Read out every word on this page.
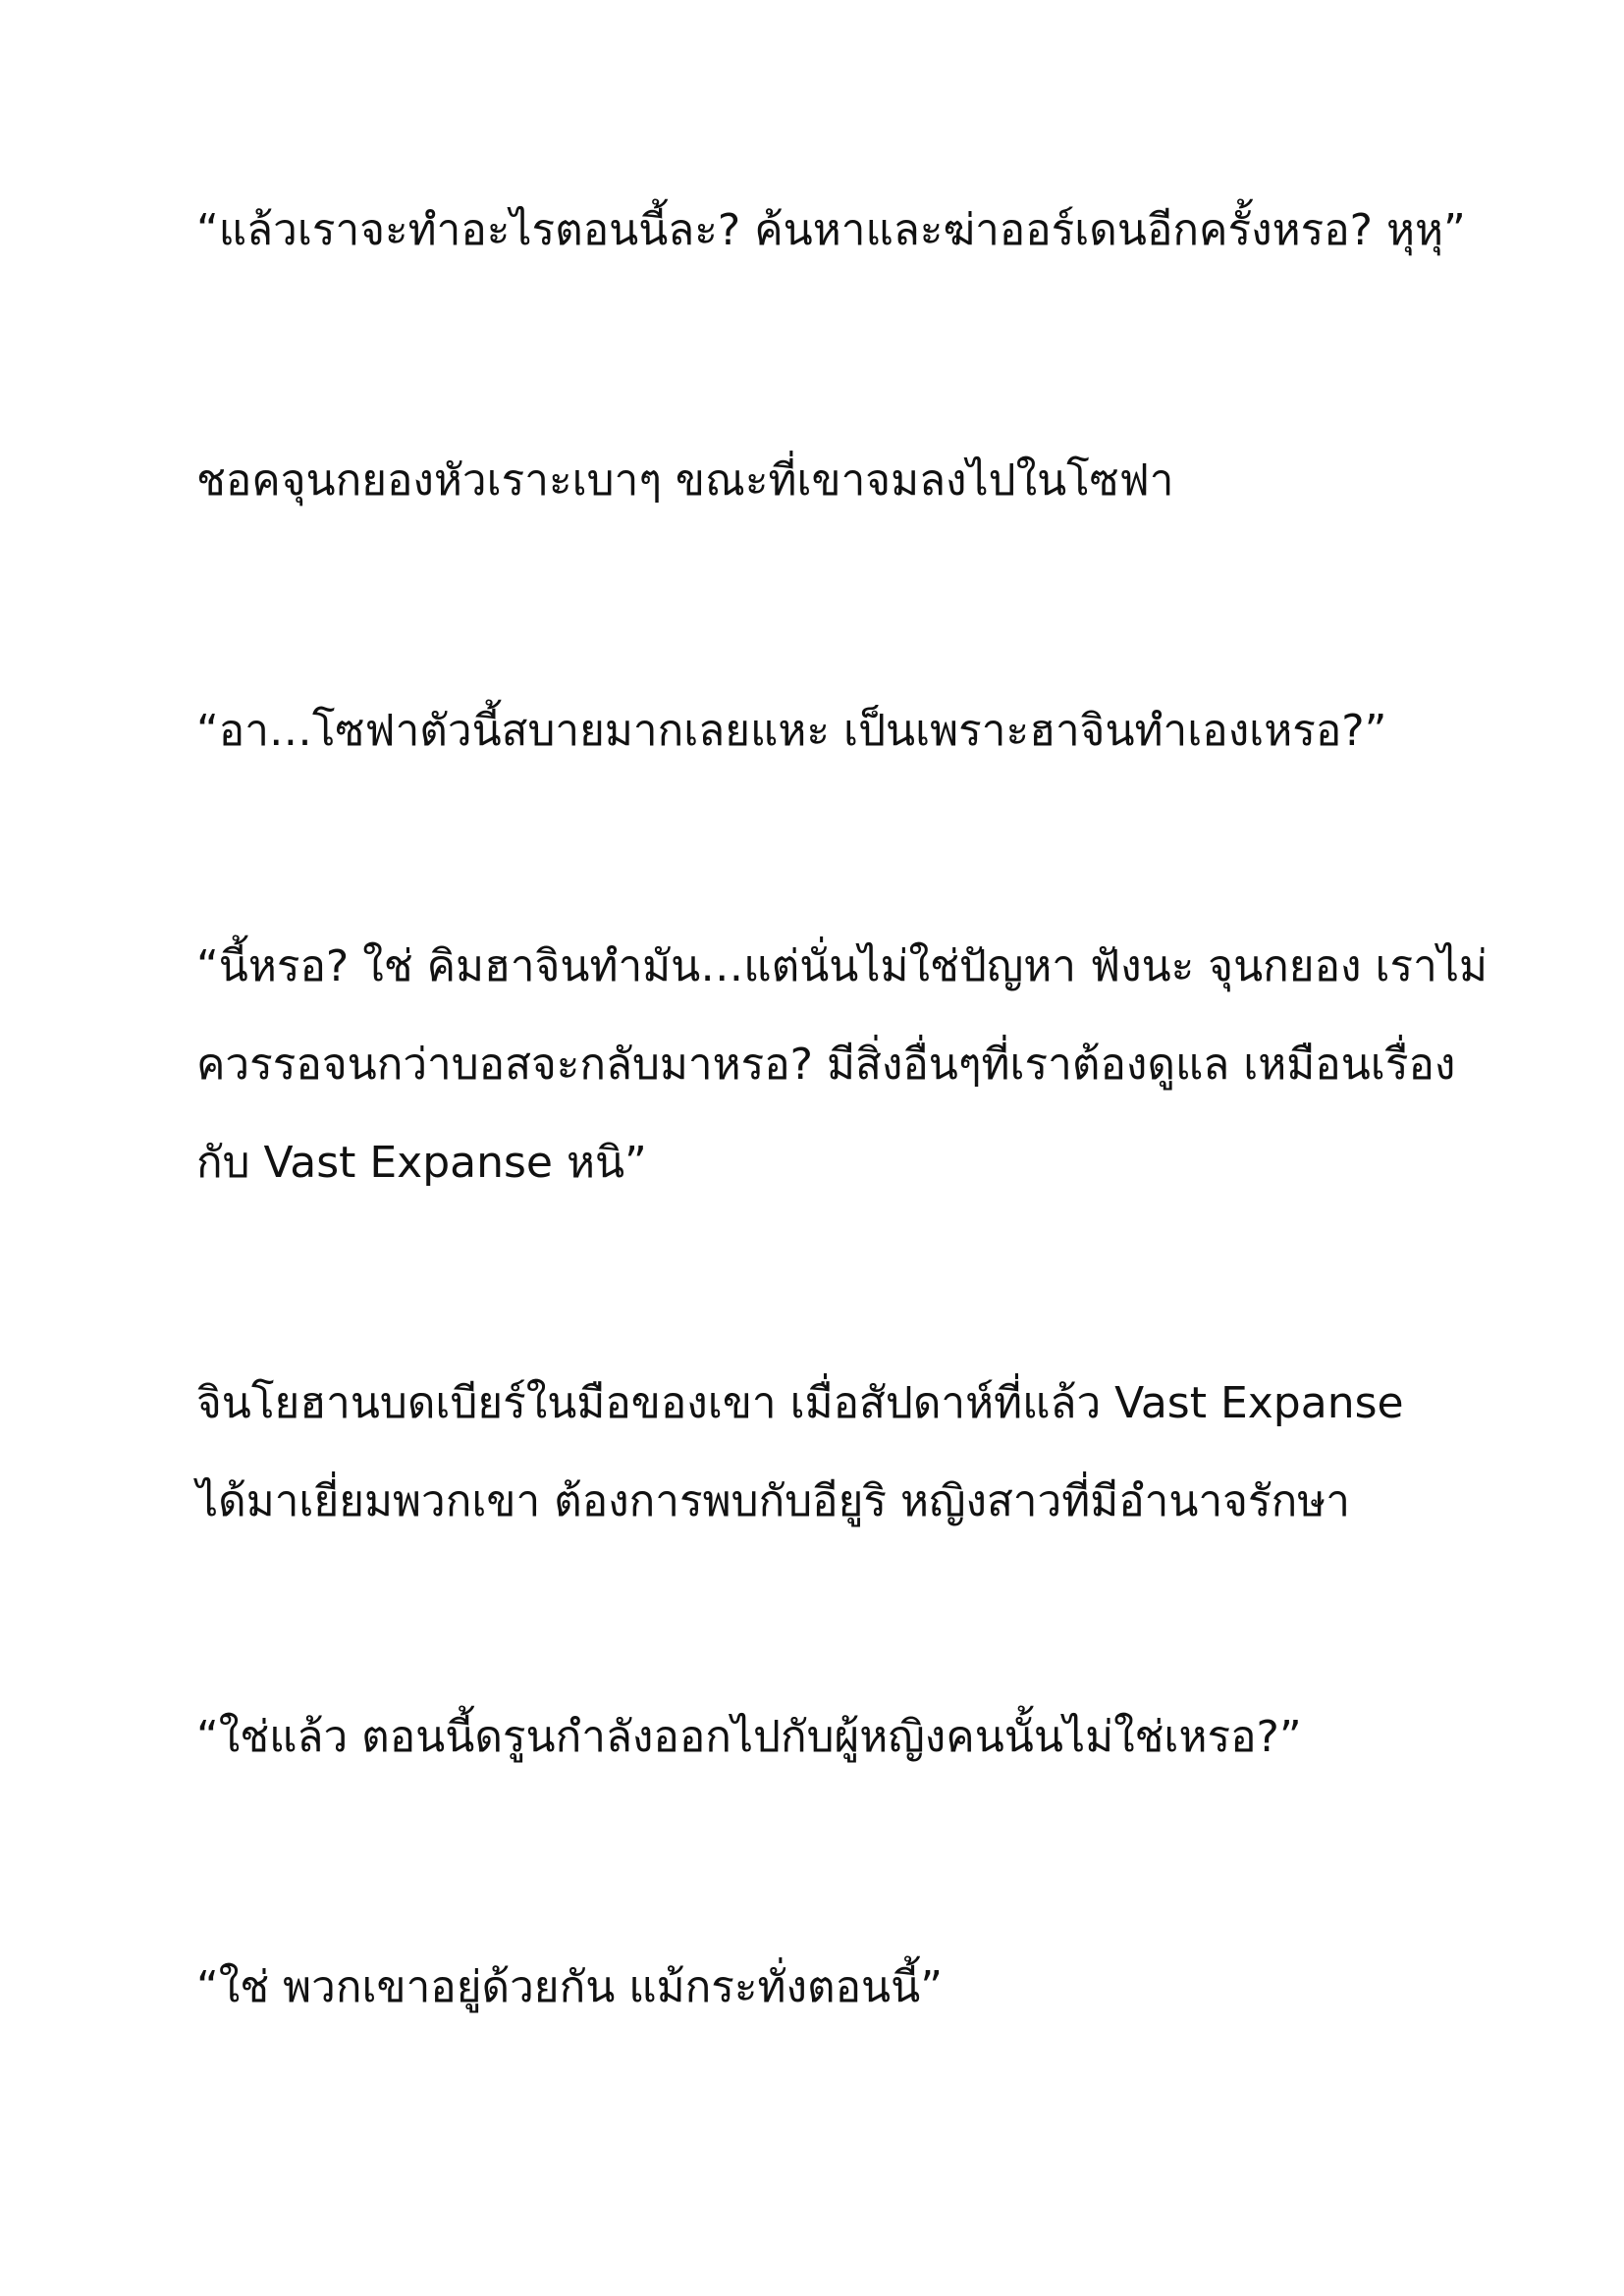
“แล้วเราจะทำอะไรตอนนี้ละ? ค้นหาและฆ่าออร์เดนอีกครั้งหรอ? หุหุ”

ชอคจุนกยองหัวเราะเบาๆ ขณะที่เขาจมลงไปในโซฟา

“อา…โซฟาตัวนี้สบายมากเลยแหะ เป็นเพราะฮาจินทำเองเหรอ?”

“นี้หรอ? ใช่ คิมฮาจินทำมัน…แต่นั่นไม่ใช่ปัญหา ฟังนะ จุนกยอง เราไม่

ควรรอจนกว่าบอสจะกลับมาหรอ? มีสิ่งอื่นๆที่เราต้องดูแล เหมือนเรื่อง

กับ Vast Expanse หนิ”

จินโยฮานบดเบียร์ในมือของเขา เมื่อสัปดาห์ที่แล้ว Vast Expanse

ได้มาเยี่ยมพวกเขา ต้องการพบกับอียูริ หญิงสาวที่มีอำนาจรักษา

“ใช่แล้ว ตอนนี้ดรูนกำลังออกไปกับผู้หญิงคนนั้นไม่ใช่เหรอ?”

“ใช่ พวกเขาอยู่ด้วยกัน แม้กระทั่งตอนนี้”
